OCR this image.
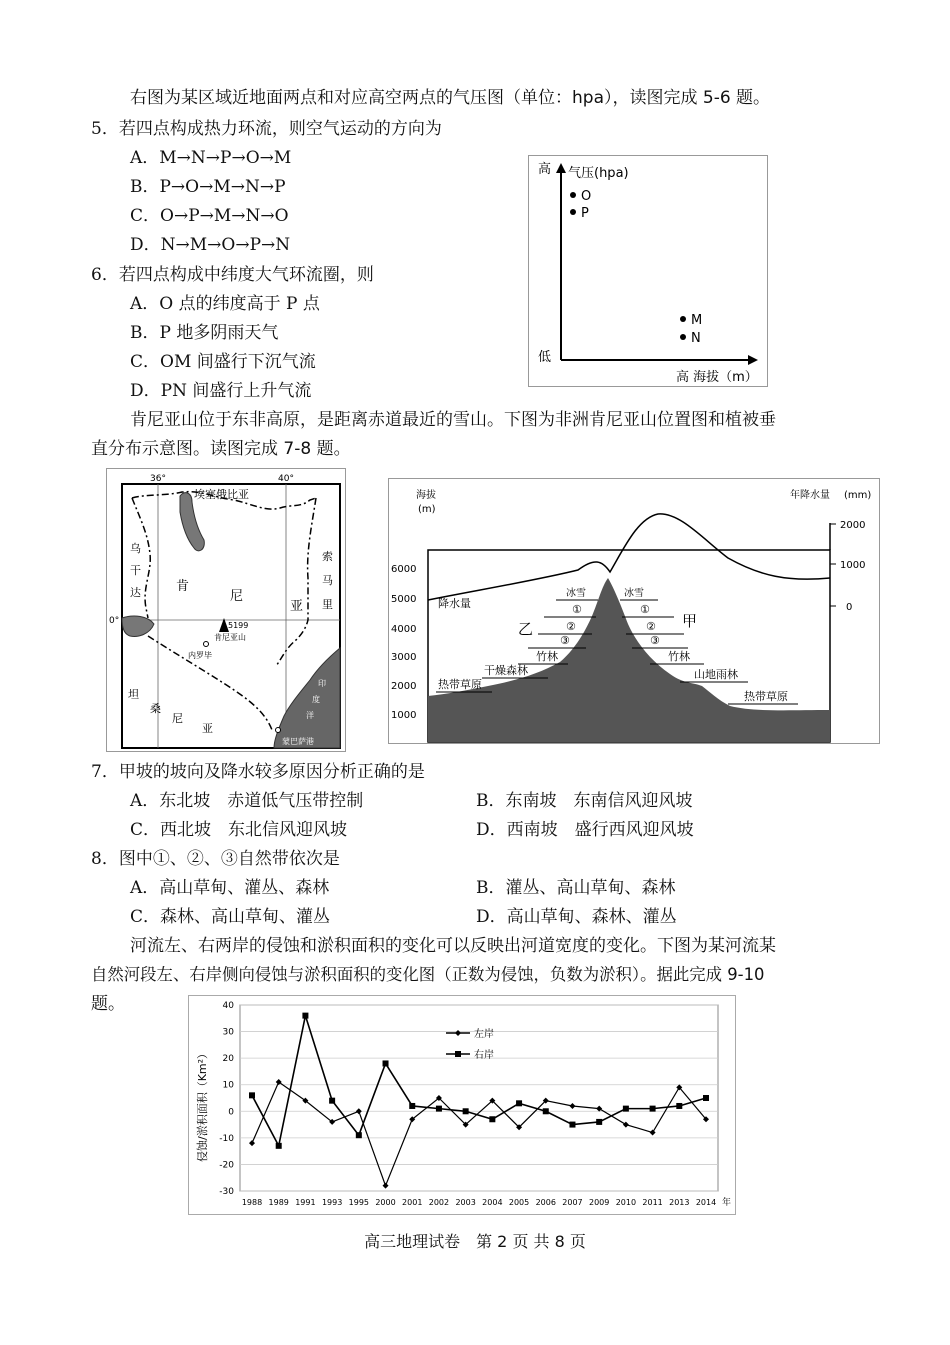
右图为某区域近地面两点和对应高空两点的气压图（单位：hpa），读图完成 5-6 题。
5．若四点构成热力环流，则空气运动的方向为
A．M→N→P→O→M
B．P→O→M→N→P
C．O→P→M→N→O
D．N→M→O→P→N
6．若四点构成中纬度大气环流圈，则
A．O 点的纬度高于 P 点
B．P 地多阴雨天气
C．OM 间盛行下沉气流
D．PN 间盛行上升气流
高
低
气压(hpa)
O
P
M
N
高 海拔（m）
肯尼亚山位于东非高原，是距离赤道最近的雪山。下图为非洲肯尼亚山位置图和植被垂
直分布示意图。读图完成 7-8 题。
36°	40°
0°
埃塞俄比亚
乌
干
达	肯
尼
亚
索
马
里
坦
桑
尼
亚
5199
肯尼亚山
内罗毕
印
度
洋
蒙巴萨港
海拔
(m)
年降水量 (mm)
6000
5000
4000
3000
2000
1000
2000
1000
0
降水量
冰雪	冰雪
①	①
②	②
③	③
乙	甲
竹林	竹林
干燥森林
热带草原
山地雨林
热带草原
7．甲坡的坡向及降水较多原因分析正确的是
A．东北坡　赤道低气压带控制	B．东南坡　东南信风迎风坡
C．西北坡　东北信风迎风坡	D．西南坡　盛行西风迎风坡
8．图中①、②、③自然带依次是
A．高山草甸、灌丛、森林	B．灌丛、高山草甸、森林
C．森林、高山草甸、灌丛	D．高山草甸、森林、灌丛
河流左、右两岸的侵蚀和淤积面积的变化可以反映出河道宽度的变化。下图为某河流某
自然河段左、右岸侧向侵蚀与淤积面积的变化图（正数为侵蚀，负数为淤积）。据此完成 9-10
题。	40
30
20
10
0
-10
-20
-30
1988 1989 1991 1993 1995 2000 2001 2002 2003 2004 2005 2006 2007 2009 2010 2011 2013 2014 年
侵蚀/淤积面积（Km²）
左岸
右岸
高三地理试卷　第 2 页 共 8 页
